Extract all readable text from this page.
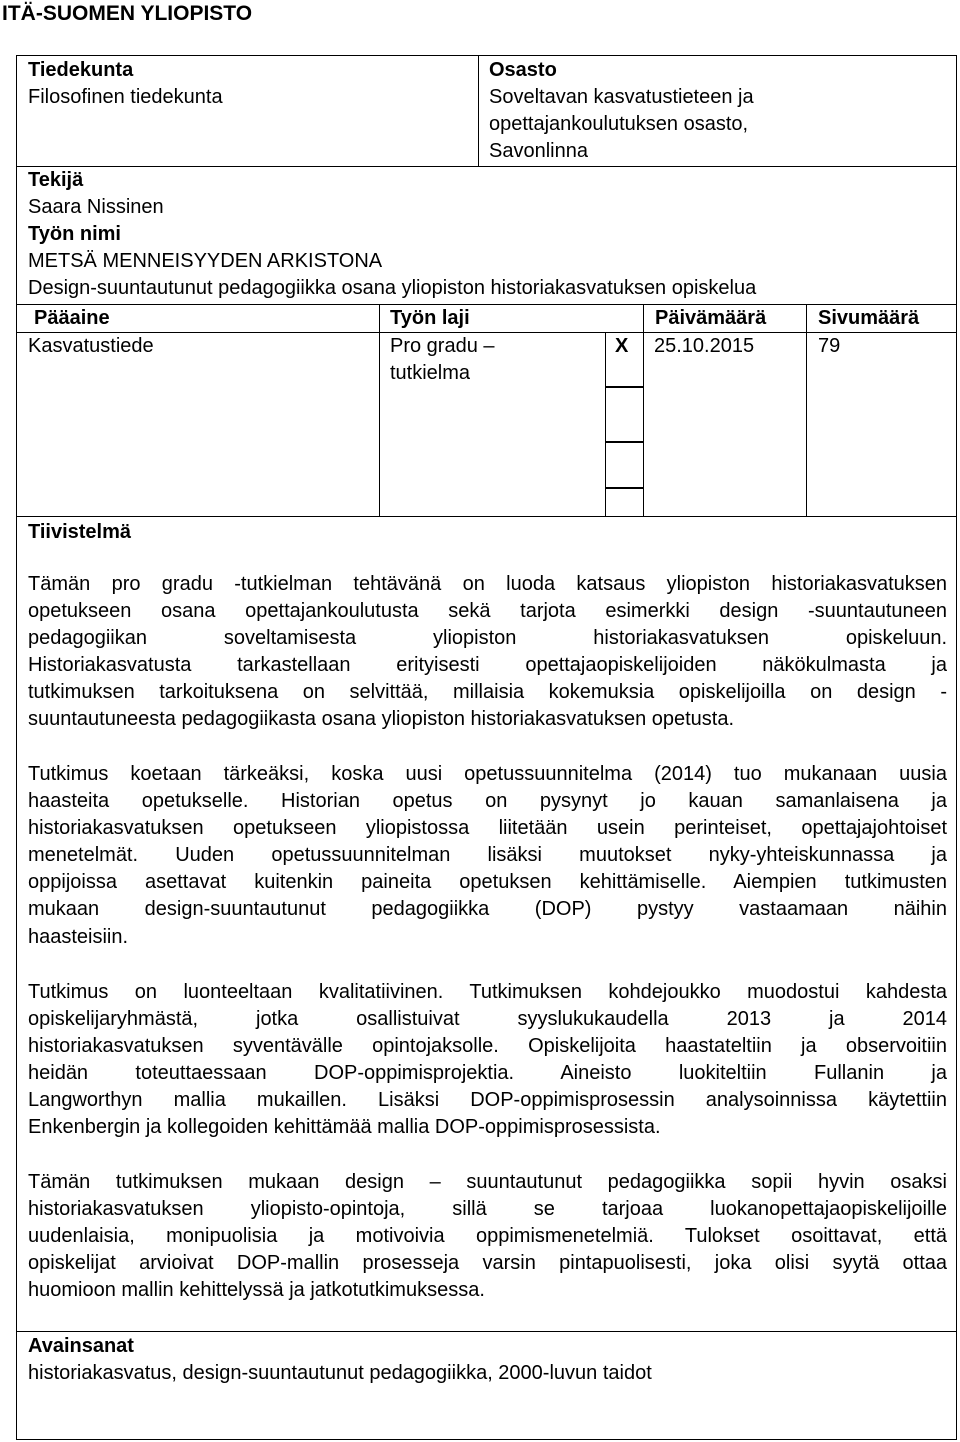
ITÄ-SUOMEN YLIOPISTO
Tiedekunta
Filosofinen tiedekunta
Osasto
Soveltavan kasvatustieteen ja
opettajankoulutuksen osasto,
Savonlinna
Tekijä
Saara Nissinen
Työn nimi
METSÄ MENNEISYYDEN ARKISTONA
Design-suuntautunut pedagogiikka osana yliopiston historiakasvatuksen opiskelua
Pääaine	Työn laji	Päivämäärä	Sivumäärä
Kasvatustiede	Pro gradu –
tutkielma
X 25.10.2015	79
Tiivistelmä
Tämän pro gradu -tutkielman tehtävänä on luoda katsaus yliopiston historiakasvatuksen
opetukseen osana opettajankoulutusta sekä tarjota esimerkki design -suuntautuneen
pedagogiikan soveltamisesta yliopiston historiakasvatuksen opiskeluun.
Historiakasvatusta tarkastellaan erityisesti opettajaopiskelijoiden näkökulmasta ja
tutkimuksen tarkoituksena on selvittää, millaisia kokemuksia opiskelijoilla on design -
suuntautuneesta pedagogiikasta osana yliopiston historiakasvatuksen opetusta.
Tutkimus koetaan tärkeäksi, koska uusi opetussuunnitelma (2014) tuo mukanaan uusia
haasteita opetukselle. Historian opetus on pysynyt jo kauan samanlaisena ja
historiakasvatuksen opetukseen yliopistossa liitetään usein perinteiset, opettajajohtoiset
menetelmät. Uuden opetussuunnitelman lisäksi muutokset nyky-yhteiskunnassa ja
oppijoissa asettavat kuitenkin paineita opetuksen kehittämiselle. Aiempien tutkimusten
mukaan design-suuntautunut pedagogiikka (DOP) pystyy vastaamaan näihin
haasteisiin.
Tutkimus on luonteeltaan kvalitatiivinen. Tutkimuksen kohdejoukko muodostui kahdesta
opiskelijaryhmästä, jotka osallistuivat syyslukukaudella 2013 ja 2014
historiakasvatuksen syventävälle opintojaksolle. Opiskelijoita haastateltiin ja observoitiin
heidän toteuttaessaan DOP-oppimisprojektia. Aineisto luokiteltiin Fullanin ja
Langworthyn mallia mukaillen. Lisäksi DOP-oppimisprosessin analysoinnissa käytettiin
Enkenbergin ja kollegoiden kehittämää mallia DOP-oppimisprosessista.
Tämän tutkimuksen mukaan design – suuntautunut pedagogiikka sopii hyvin osaksi
historiakasvatuksen yliopisto-opintoja, sillä se tarjoaa luokanopettajaopiskelijoille
uudenlaisia, monipuolisia ja motivoivia oppimismenetelmiä. Tulokset osoittavat, että
opiskelijat arvioivat DOP-mallin prosesseja varsin pintapuolisesti, joka olisi syytä ottaa
huomioon mallin kehittelyssä ja jatkotutkimuksessa.
Avainsanat
historiakasvatus, design-suuntautunut pedagogiikka, 2000-luvun taidot
